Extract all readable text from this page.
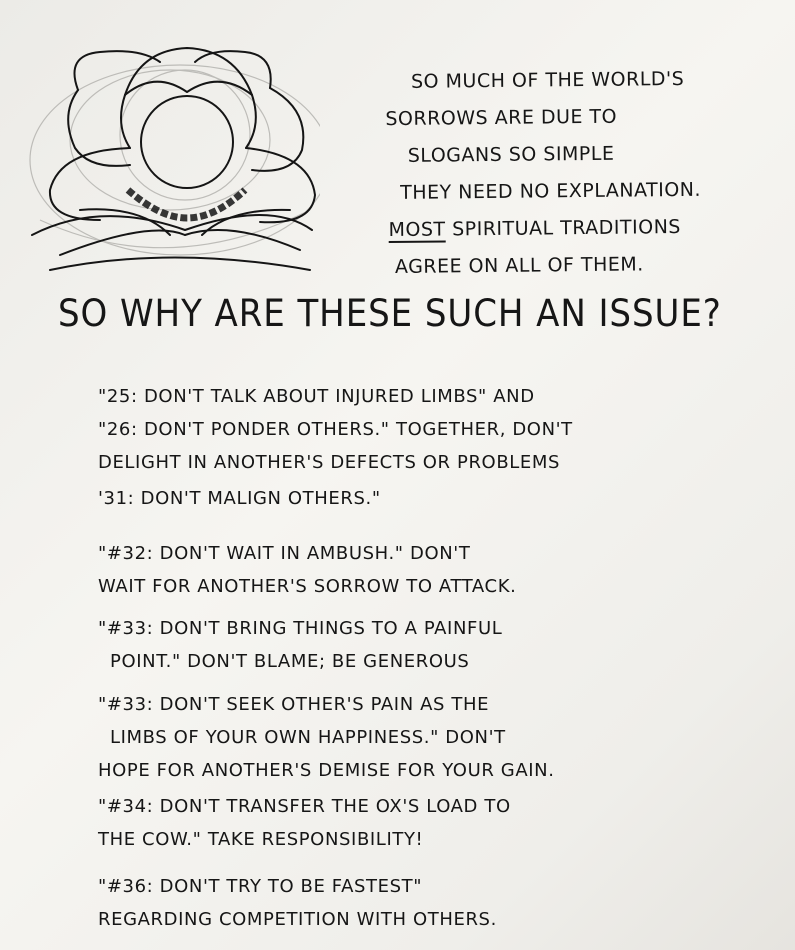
SO MUCH OF THE WORLD'S
SORROWS ARE DUE TO
SLOGANS SO SIMPLE
THEY NEED NO EXPLANATION.
MOST SPIRITUAL TRADITIONS
AGREE ON ALL OF THEM.
SO WHY ARE THESE SUCH AN ISSUE?
"25: DON'T TALK ABOUT INJURED LIMBS" AND
"26: DON'T PONDER OTHERS." TOGETHER, DON'T
DELIGHT IN ANOTHER'S DEFECTS OR PROBLEMS
'31: DON'T MALIGN OTHERS."
"#32: DON'T WAIT IN AMBUSH." DON'T
WAIT FOR ANOTHER'S SORROW TO ATTACK.
"#33: DON'T BRING THINGS TO A PAINFUL
POINT." DON'T BLAME; BE GENEROUS
"#33: DON'T SEEK OTHER'S PAIN AS THE
LIMBS OF YOUR OWN HAPPINESS." DON'T
HOPE FOR ANOTHER'S DEMISE FOR YOUR GAIN.
"#34: DON'T TRANSFER THE OX'S LOAD TO
THE COW." TAKE RESPONSIBILITY!
"#36: DON'T TRY TO BE FASTEST"
REGARDING COMPETITION WITH OTHERS.
